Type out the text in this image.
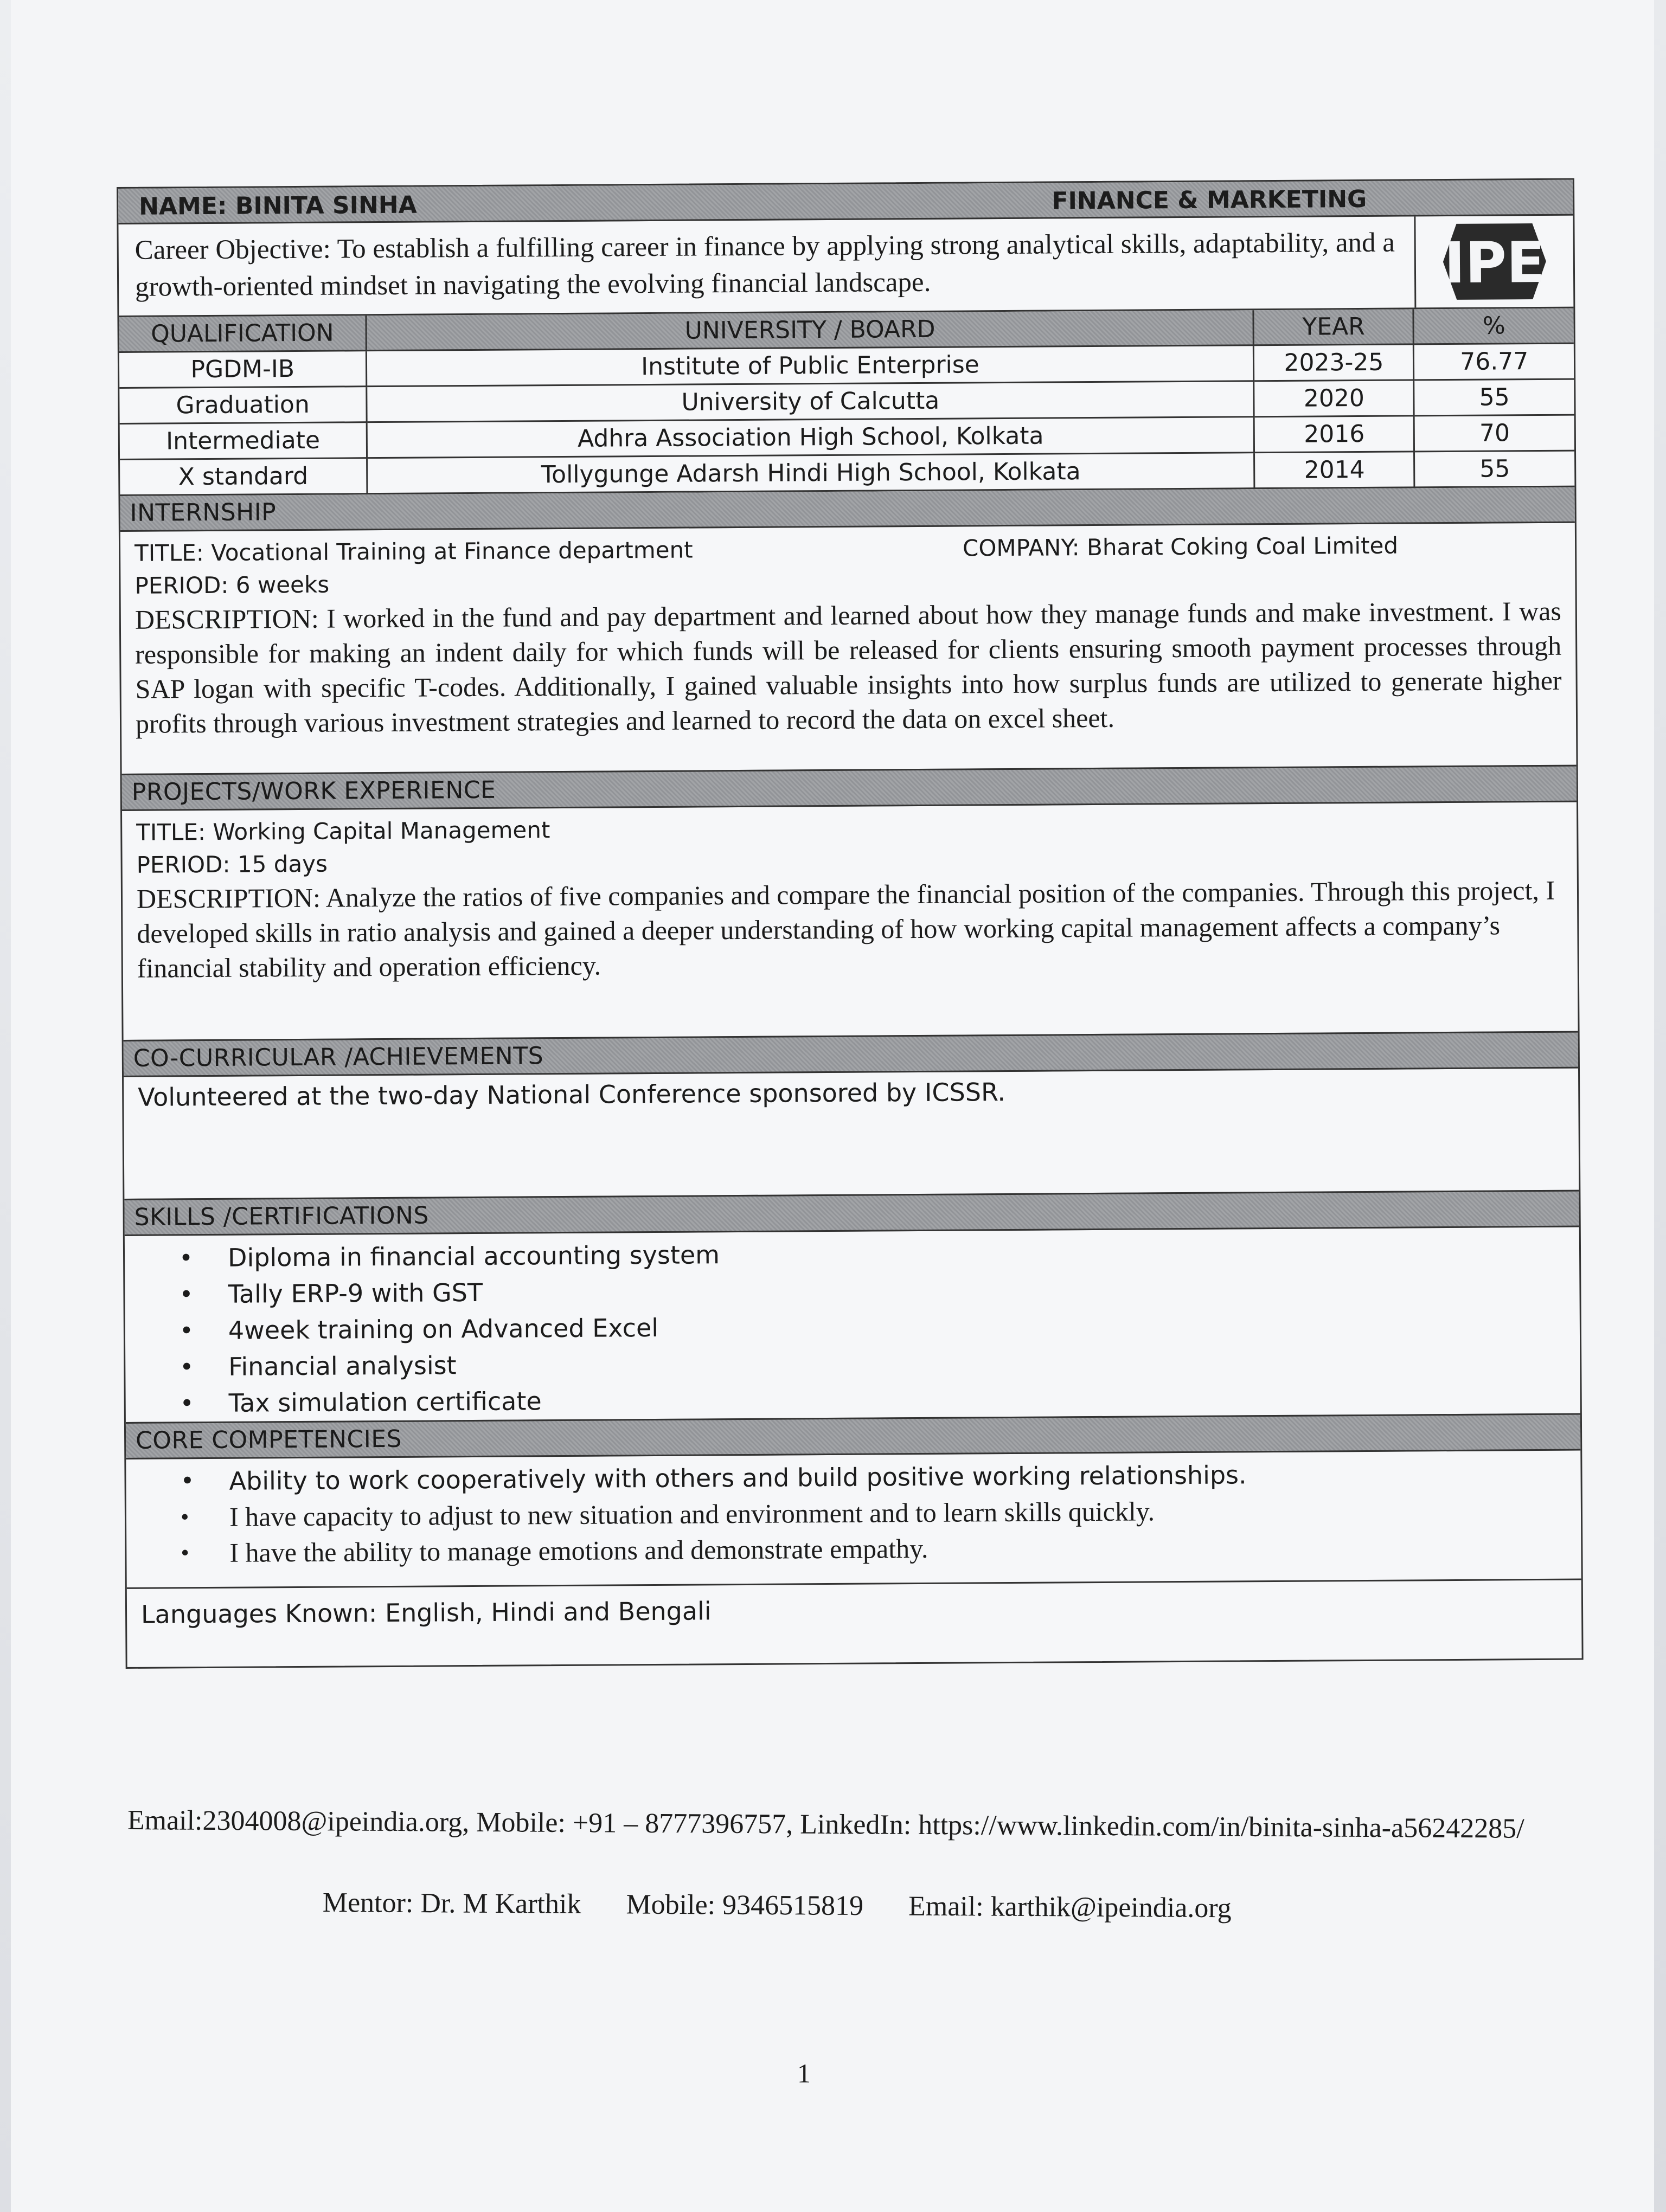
NAME: BINITA SINHA	FINANCE & MARKETING
Career Objective: To establish a fulfilling career in finance by applying strong analytical skills, adaptability, and a growth-oriented mindset in navigating the evolving financial landscape.	IPE
QUALIFICATION	UNIVERSITY / BOARD	YEAR	%
PGDM-IB	Institute of Public Enterprise	2023-25	76.77
Graduation	University of Calcutta	2020	55
Intermediate	Adhra Association High School, Kolkata	2016	70
X standard	Tollygunge Adarsh Hindi High School, Kolkata	2014	55
INTERNSHIP
TITLE: Vocational Training at Finance department	COMPANY: Bharat Coking Coal Limited
PERIOD: 6 weeks
DESCRIPTION: I worked in the fund and pay department and learned about how they manage funds and make investment. I was responsible for making an indent daily for which funds will be released for clients ensuring smooth payment processes through SAP logan with specific T-codes. Additionally, I gained valuable insights into how surplus funds are utilized to generate higher profits through various investment strategies and learned to record the data on excel sheet.
PROJECTS/WORK EXPERIENCE
TITLE: Working Capital Management
PERIOD: 15 days
DESCRIPTION: Analyze the ratios of five companies and compare the financial position of the companies. Through this project, I developed skills in ratio analysis and gained a deeper understanding of how working capital management affects a company’s financial stability and operation efficiency.
CO-CURRICULAR /ACHIEVEMENTS
Volunteered at the two-day National Conference sponsored by ICSSR.
SKILLS /CERTIFICATIONS
• Diploma in financial accounting system
• Tally ERP-9 with GST
• 4week training on Advanced Excel
• Financial analysist
• Tax simulation certificate
CORE COMPETENCIES
• Ability to work cooperatively with others and build positive working relationships.
• I have capacity to adjust to new situation and environment and to learn skills quickly.
• I have the ability to manage emotions and demonstrate empathy.
Languages Known: English, Hindi and Bengali
Email:2304008@ipeindia.org, Mobile: +91 – 8777396757, LinkedIn: https://www.linkedin.com/in/binita-sinha-a56242285/
Mentor: Dr. M Karthik Mobile: 9346515819 Email: karthik@ipeindia.org
1
